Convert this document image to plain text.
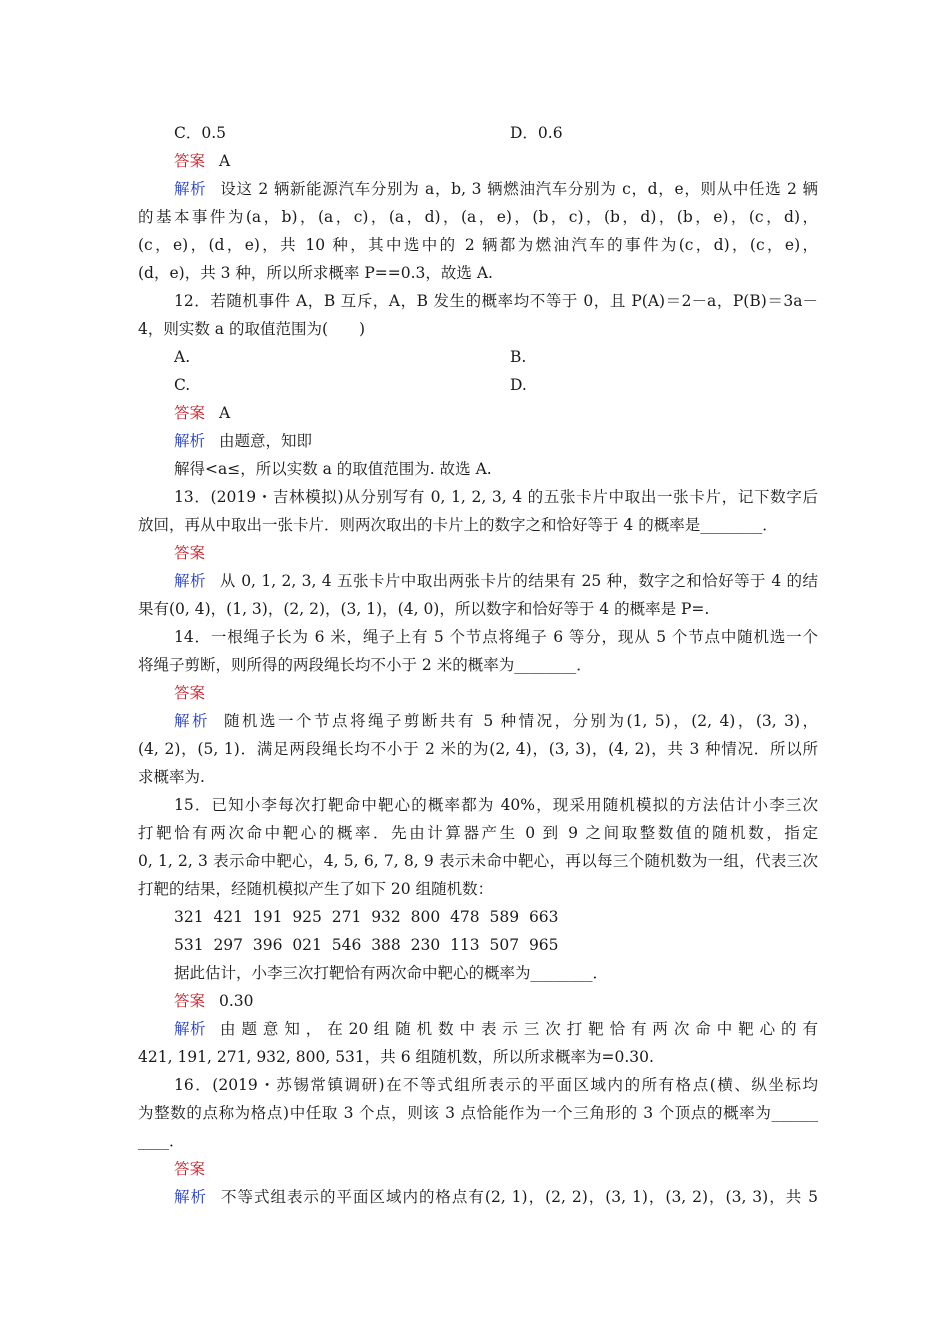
C．0.5	D．0.6
答案 A
解析 设这 2 辆新能源汽车分别为 a，b, 3 辆燃油汽车分别为 c，d，e，则从中任选 2 辆
的基本事件为(a，b)，(a，c)，(a，d)，(a，e)，(b，c)，(b，d)，(b，e)，(c，d)，
(c，e)，(d，e)，共 10 种，其中选中的 2 辆都为燃油汽车的事件为(c，d)，(c，e)，
(d，e)，共 3 种，所以所求概率 P==0.3，故选 A.
12．若随机事件 A，B 互斥，A，B 发生的概率均不等于 0，且 P(A)＝2－a，P(B)＝3a－
4，则实数 a 的取值范围为(　　)
A.	B.
C.	D.
答案 A
解析 由题意，知即
解得<a≤，所以实数 a 的取值范围为. 故选 A.
13．(2019・吉林模拟)从分别写有 0, 1, 2, 3, 4 的五张卡片中取出一张卡片，记下数字后
放回，再从中取出一张卡片．则两次取出的卡片上的数字之和恰好等于 4 的概率是________．
答案
解析 从 0, 1, 2, 3, 4 五张卡片中取出两张卡片的结果有 25 种，数字之和恰好等于 4 的结
果有(0, 4)，(1, 3)，(2, 2)，(3, 1)，(4, 0)，所以数字和恰好等于 4 的概率是 P=.
14．一根绳子长为 6 米，绳子上有 5 个节点将绳子 6 等分，现从 5 个节点中随机选一个
将绳子剪断，则所得的两段绳长均不小于 2 米的概率为________．
答案
解析 随机选一个节点将绳子剪断共有 5 种情况，分别为(1, 5)，(2, 4)，(3, 3)，
(4, 2)，(5, 1)．满足两段绳长均不小于 2 米的为(2, 4)，(3, 3)，(4, 2)，共 3 种情况．所以所
求概率为.
15．已知小李每次打靶命中靶心的概率都为 40%，现采用随机模拟的方法估计小李三次
打靶恰有两次命中靶心的概率．先由计算器产生 0 到 9 之间取整数值的随机数，指定
0, 1, 2, 3 表示命中靶心，4, 5, 6, 7, 8, 9 表示未命中靶心，再以每三个随机数为一组，代表三次
打靶的结果，经随机模拟产生了如下 20 组随机数：
321  421  191  925  271  932  800  478  589  663
531  297  396  021  546  388  230  113  507  965
据此估计，小李三次打靶恰有两次命中靶心的概率为________．
答案 0.30
解析 由 题 意 知 ， 在 20 组 随 机 数 中 表 示 三 次 打 靶 恰 有 两 次 命 中 靶 心 的 有
421, 191, 271, 932, 800, 531，共 6 组随机数，所以所求概率为=0.30.
16．(2019・苏锡常镇调研)在不等式组所表示的平面区域内的所有格点(横、纵坐标均
为整数的点称为格点)中任取 3 个点，则该 3 点恰能作为一个三角形的 3 个顶点的概率为______
____．
答案
解析 不等式组表示的平面区域内的格点有(2, 1)，(2, 2)，(3, 1)，(3, 2)，(3, 3)，共 5
